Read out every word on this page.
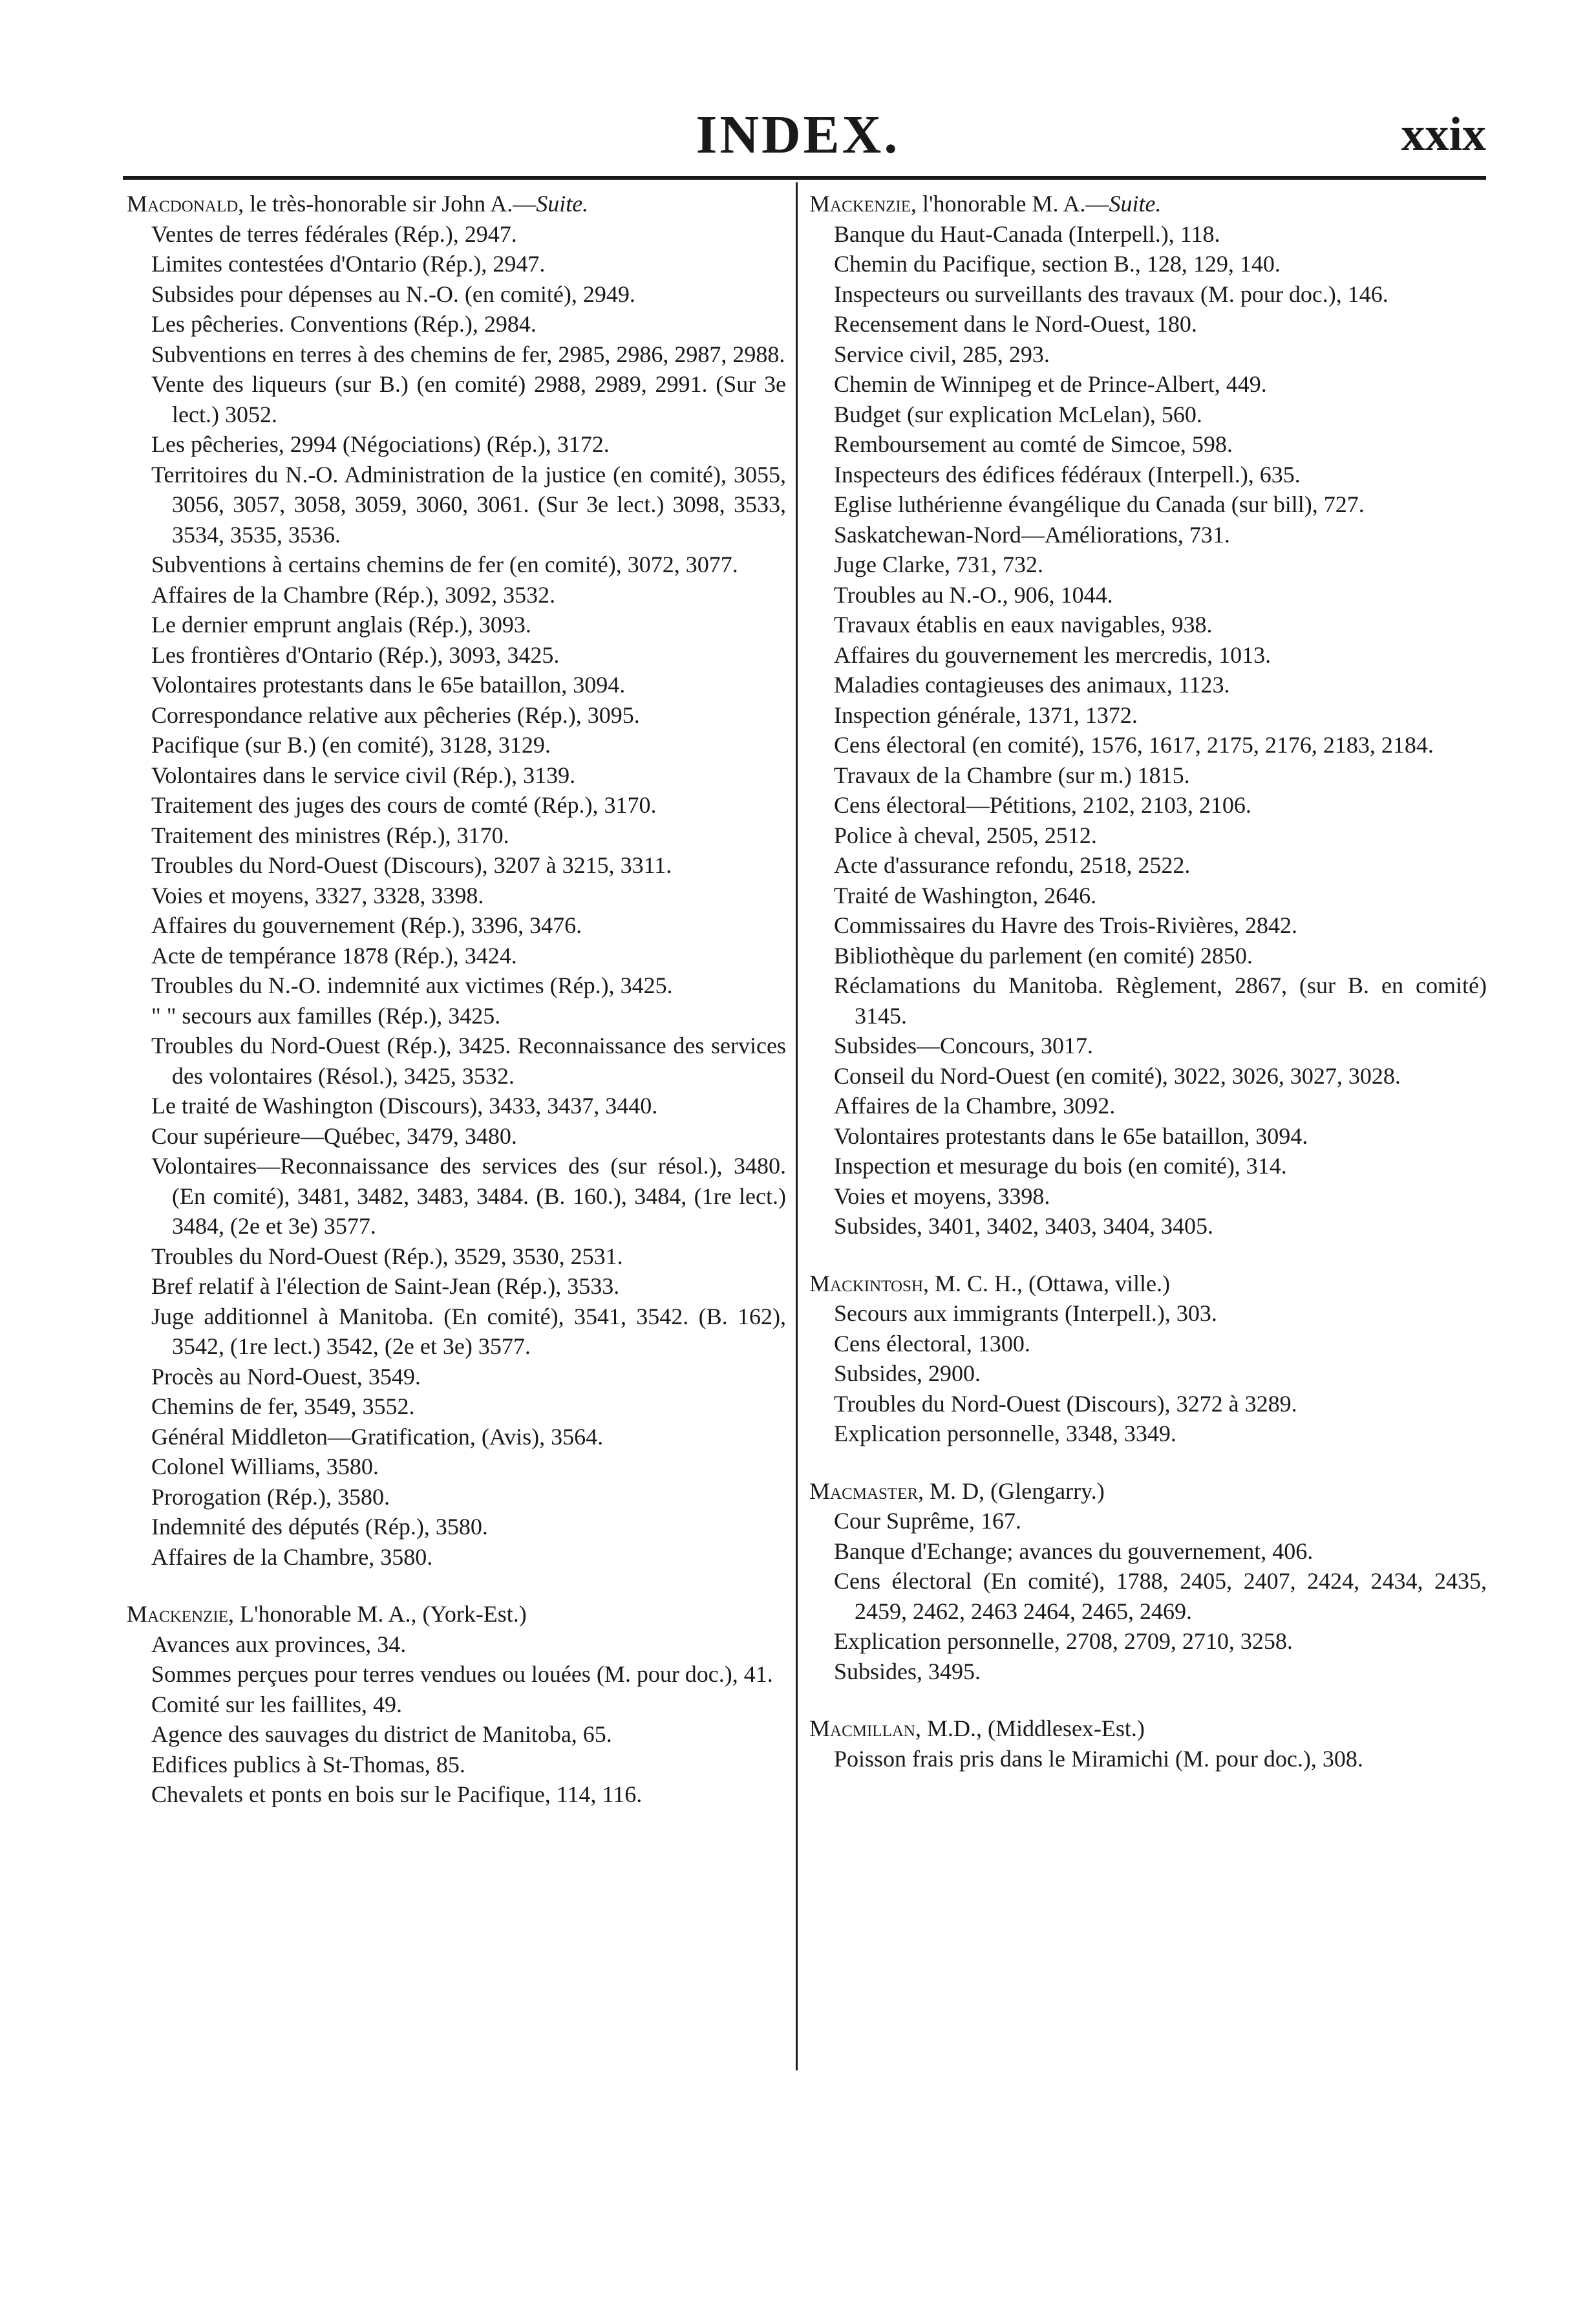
INDEX.	xxix
Macdonald, le très-honorable sir John A.—Suite.
Ventes de terres fédérales (Rép.), 2947.
Limites contestées d'Ontario (Rép.), 2947.
Subsides pour dépenses au N.-O. (en comité), 2949.
Les pêcheries. Conventions (Rép.), 2984.
Subventions en terres à des chemins de fer, 2985, 2986, 2987, 2988.
Vente des liqueurs (sur B.) (en comité) 2988, 2989, 2991. (Sur 3e lect.) 3052.
Les pêcheries, 2994 (Négociations) (Rép.), 3172.
Territoires du N.-O. Administration de la justice (en comité), 3055, 3056, 3057, 3058, 3059, 3060, 3061. (Sur 3e lect.) 3098, 3533, 3534, 3535, 3536.
Subventions à certains chemins de fer (en comité), 3072, 3077.
Affaires de la Chambre (Rép.), 3092, 3532.
Le dernier emprunt anglais (Rép.), 3093.
Les frontières d'Ontario (Rép.), 3093, 3425.
Volontaires protestants dans le 65e bataillon, 3094.
Correspondance relative aux pêcheries (Rép.), 3095.
Pacifique (sur B.) (en comité), 3128, 3129.
Volontaires dans le service civil (Rép.), 3139.
Traitement des juges des cours de comté (Rép.), 3170.
Traitement des ministres (Rép.), 3170.
Troubles du Nord-Ouest (Discours), 3207 à 3215, 3311.
Voies et moyens, 3327, 3328, 3398.
Affaires du gouvernement (Rép.), 3396, 3476.
Acte de tempérance 1878 (Rép.), 3424.
Troubles du N.-O. indemnité aux victimes (Rép.), 3425.
" " secours aux familles (Rép.), 3425.
Troubles du Nord-Ouest (Rép.), 3425. Reconnaissance des services des volontaires (Résol.), 3425, 3532.
Le traité de Washington (Discours), 3433, 3437, 3440.
Cour supérieure—Québec, 3479, 3480.
Volontaires—Reconnaissance des services des (sur résol.), 3480. (En comité), 3481, 3482, 3483, 3484. (B. 160.), 3484, (1re lect.) 3484, (2e et 3e) 3577.
Troubles du Nord-Ouest (Rép.), 3529, 3530, 2531.
Bref relatif à l'élection de Saint-Jean (Rép.), 3533.
Juge additionnel à Manitoba. (En comité), 3541, 3542. (B. 162), 3542, (1re lect.) 3542, (2e et 3e) 3577.
Procès au Nord-Ouest, 3549.
Chemins de fer, 3549, 3552.
Général Middleton—Gratification, (Avis), 3564.
Colonel Williams, 3580.
Prorogation (Rép.), 3580.
Indemnité des députés (Rép.), 3580.
Affaires de la Chambre, 3580.
Mackenzie, L'honorable M. A., (York-Est.)
Avances aux provinces, 34.
Sommes perçues pour terres vendues ou louées (M. pour doc.), 41.
Comité sur les faillites, 49.
Agence des sauvages du district de Manitoba, 65.
Edifices publics à St-Thomas, 85.
Chevalets et ponts en bois sur le Pacifique, 114, 116.
Mackenzie, l'honorable M. A.—Suite.
Banque du Haut-Canada (Interpell.), 118.
Chemin du Pacifique, section B., 128, 129, 140.
Inspecteurs ou surveillants des travaux (M. pour doc.), 146.
Recensement dans le Nord-Ouest, 180.
Service civil, 285, 293.
Chemin de Winnipeg et de Prince-Albert, 449.
Budget (sur explication McLelan), 560.
Remboursement au comté de Simcoe, 598.
Inspecteurs des édifices fédéraux (Interpell.), 635.
Eglise luthérienne évangélique du Canada (sur bill), 727.
Saskatchewan-Nord—Améliorations, 731.
Juge Clarke, 731, 732.
Troubles au N.-O., 906, 1044.
Travaux établis en eaux navigables, 938.
Affaires du gouvernement les mercredis, 1013.
Maladies contagieuses des animaux, 1123.
Inspection générale, 1371, 1372.
Cens électoral (en comité), 1576, 1617, 2175, 2176, 2183, 2184.
Travaux de la Chambre (sur m.) 1815.
Cens électoral—Pétitions, 2102, 2103, 2106.
Police à cheval, 2505, 2512.
Acte d'assurance refondu, 2518, 2522.
Traité de Washington, 2646.
Commissaires du Havre des Trois-Rivières, 2842.
Bibliothèque du parlement (en comité) 2850.
Réclamations du Manitoba. Règlement, 2867, (sur B. en comité) 3145.
Subsides—Concours, 3017.
Conseil du Nord-Ouest (en comité), 3022, 3026, 3027, 3028.
Affaires de la Chambre, 3092.
Volontaires protestants dans le 65e bataillon, 3094.
Inspection et mesurage du bois (en comité), 314.
Voies et moyens, 3398.
Subsides, 3401, 3402, 3403, 3404, 3405.
Mackintosh, M. C. H., (Ottawa, ville.)
Secours aux immigrants (Interpell.), 303.
Cens électoral, 1300.
Subsides, 2900.
Troubles du Nord-Ouest (Discours), 3272 à 3289.
Explication personnelle, 3348, 3349.
Macmaster, M. D, (Glengarry.)
Cour Suprême, 167.
Banque d'Echange; avances du gouvernement, 406.
Cens électoral (En comité), 1788, 2405, 2407, 2424, 2434, 2435, 2459, 2462, 2463 2464, 2465, 2469.
Explication personnelle, 2708, 2709, 2710, 3258.
Subsides, 3495.
Macmillan, M.D., (Middlesex-Est.)
Poisson frais pris dans le Miramichi (M. pour doc.), 308.
